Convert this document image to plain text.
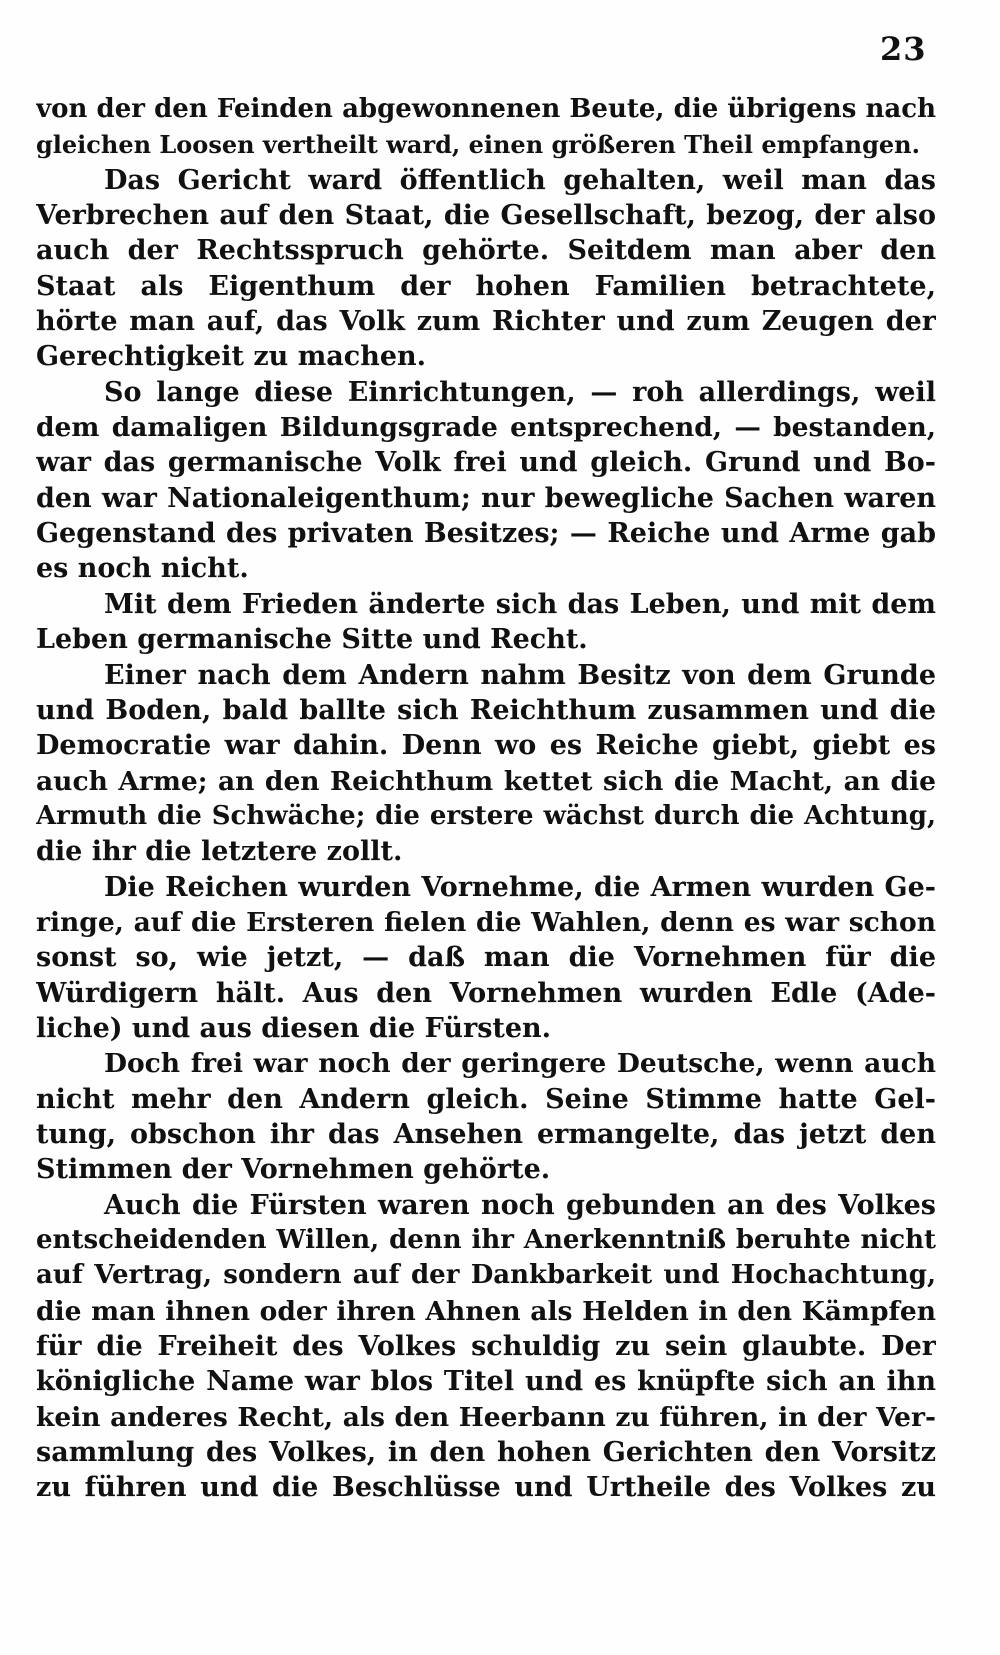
23
von der den Feinden abgewonnenen Beute, die übrigens nach
gleichen Loosen vertheilt ward, einen größeren Theil empfangen.
Das Gericht ward öffentlich gehalten, weil man das
Verbrechen auf den Staat, die Gesellschaft, bezog, der also
auch der Rechtsspruch gehörte. Seitdem man aber den
Staat als Eigenthum der hohen Familien betrachtete,
hörte man auf, das Volk zum Richter und zum Zeugen der
Gerechtigkeit zu machen.
So lange diese Einrichtungen, — roh allerdings, weil
dem damaligen Bildungsgrade entsprechend, — bestanden,
war das germanische Volk frei und gleich. Grund und Bo-
den war Nationaleigenthum; nur bewegliche Sachen waren
Gegenstand des privaten Besitzes; — Reiche und Arme gab
es noch nicht.
Mit dem Frieden änderte sich das Leben, und mit dem
Leben germanische Sitte und Recht.
Einer nach dem Andern nahm Besitz von dem Grunde
und Boden, bald ballte sich Reichthum zusammen und die
Democratie war dahin. Denn wo es Reiche giebt, giebt es
auch Arme; an den Reichthum kettet sich die Macht, an die
Armuth die Schwäche; die erstere wächst durch die Achtung,
die ihr die letztere zollt.
Die Reichen wurden Vornehme, die Armen wurden Ge-
ringe, auf die Ersteren fielen die Wahlen, denn es war schon
sonst so, wie jetzt, — daß man die Vornehmen für die
Würdigern hält. Aus den Vornehmen wurden Edle (Ade-
liche) und aus diesen die Fürsten.
Doch frei war noch der geringere Deutsche, wenn auch
nicht mehr den Andern gleich. Seine Stimme hatte Gel-
tung, obschon ihr das Ansehen ermangelte, das jetzt den
Stimmen der Vornehmen gehörte.
Auch die Fürsten waren noch gebunden an des Volkes
entscheidenden Willen, denn ihr Anerkenntniß beruhte nicht
auf Vertrag, sondern auf der Dankbarkeit und Hochachtung,
die man ihnen oder ihren Ahnen als Helden in den Kämpfen
für die Freiheit des Volkes schuldig zu sein glaubte. Der
königliche Name war blos Titel und es knüpfte sich an ihn
kein anderes Recht, als den Heerbann zu führen, in der Ver-
sammlung des Volkes, in den hohen Gerichten den Vorsitz
zu führen und die Beschlüsse und Urtheile des Volkes zu
